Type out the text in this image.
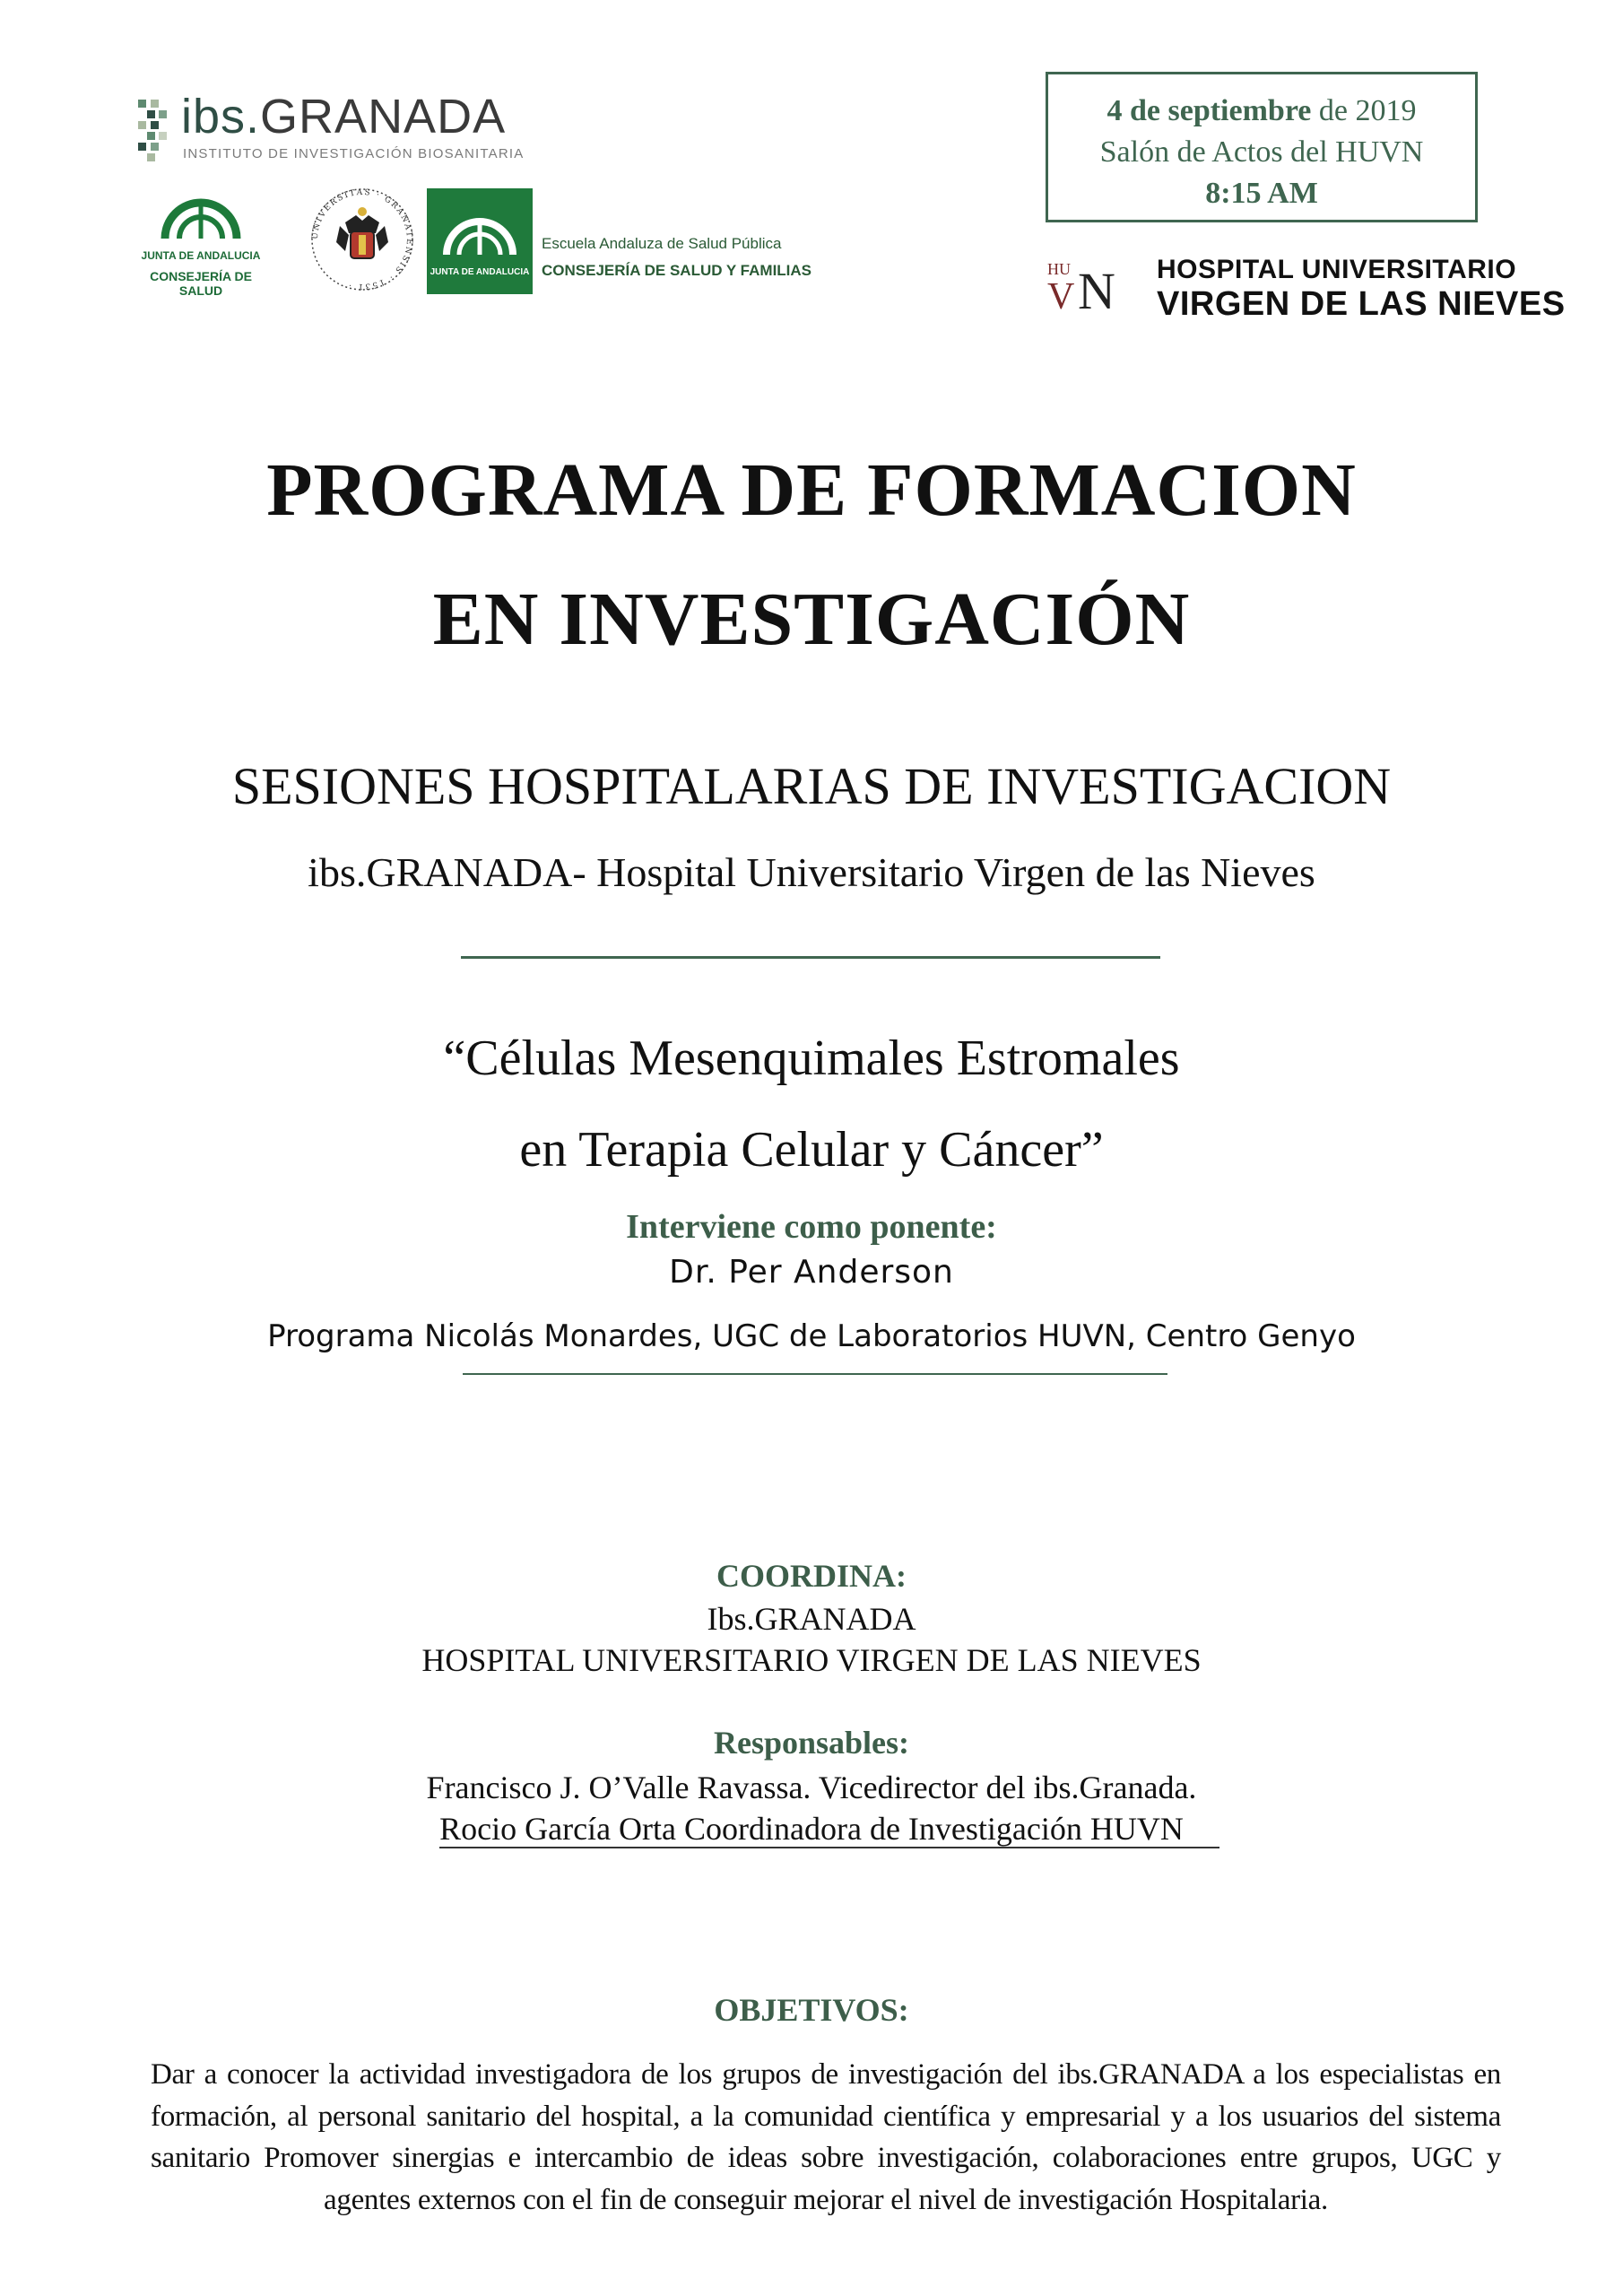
ibs.GRANADA
INSTITUTO DE INVESTIGACIÓN BIOSANITARIA
JUNTA DE ANDALUCIA
CONSEJERÍA DE SALUD
UNIVERSITAS · GRANATENSIS · 1531 ·
JUNTA DE ANDALUCIA
Escuela Andaluza de Salud Pública
CONSEJERÍA DE SALUD Y FAMILIAS
4 de septiembre de 2019
Salón de Actos del HUVN
8:15 AM
HU
V N HOSPITAL UNIVERSITARIO
VIRGEN DE LAS NIEVES
PROGRAMA DE FORMACION
EN INVESTIGACIÓN
SESIONES HOSPITALARIAS DE INVESTIGACION
ibs.GRANADA- Hospital Universitario Virgen de las Nieves
“Células Mesenquimales Estromales
en Terapia Celular y Cáncer”
Interviene como ponente:
Dr. Per Anderson
Programa Nicolás Monardes, UGC de Laboratorios HUVN, Centro Genyo
COORDINA:
Ibs.GRANADA
HOSPITAL UNIVERSITARIO VIRGEN DE LAS NIEVES
Responsables:
Francisco J. O’Valle Ravassa. Vicedirector del ibs.Granada.
Rocio García Orta Coordinadora de Investigación HUVN
OBJETIVOS:
Dar a conocer la actividad investigadora de los grupos de investigación del ibs.GRANADA a los especialistas en formación, al personal sanitario del hospital, a la comunidad científica y empresarial y a los usuarios del sistema sanitario Promover sinergias e intercambio de ideas sobre investigación, colaboraciones entre grupos, UGC y agentes externos con el fin de conseguir mejorar el nivel de investigación Hospitalaria.
